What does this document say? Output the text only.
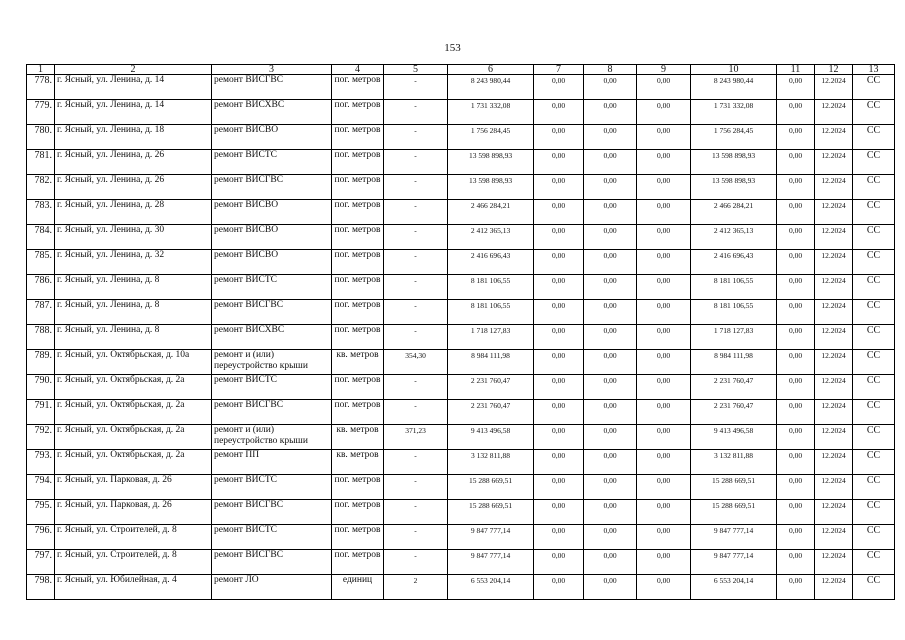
153
1	2	3	4	5	6	7	8	9	10	11	12	13
778.	г. Ясный, ул. Ленина, д. 14	ремонт ВИСГВС	пог. метров	-	8 243 980,44	0,00	0,00	0,00	8 243 980,44	0,00	12.2024	СС
779.	г. Ясный, ул. Ленина, д. 14	ремонт ВИСХВС	пог. метров	-	1 731 332,08	0,00	0,00	0,00	1 731 332,08	0,00	12.2024	СС
780.	г. Ясный, ул. Ленина, д. 18	ремонт ВИСВО	пог. метров	-	1 756 284,45	0,00	0,00	0,00	1 756 284,45	0,00	12.2024	СС
781.	г. Ясный, ул. Ленина, д. 26	ремонт ВИСТС	пог. метров	-	13 598 898,93	0,00	0,00	0,00	13 598 898,93	0,00	12.2024	СС
782.	г. Ясный, ул. Ленина, д. 26	ремонт ВИСГВС	пог. метров	-	13 598 898,93	0,00	0,00	0,00	13 598 898,93	0,00	12.2024	СС
783.	г. Ясный, ул. Ленина, д. 28	ремонт ВИСВО	пог. метров	-	2 466 284,21	0,00	0,00	0,00	2 466 284,21	0,00	12.2024	СС
784.	г. Ясный, ул. Ленина, д. 30	ремонт ВИСВО	пог. метров	-	2 412 365,13	0,00	0,00	0,00	2 412 365,13	0,00	12.2024	СС
785.	г. Ясный, ул. Ленина, д. 32	ремонт ВИСВО	пог. метров	-	2 416 696,43	0,00	0,00	0,00	2 416 696,43	0,00	12.2024	СС
786.	г. Ясный, ул. Ленина, д. 8	ремонт ВИСТС	пог. метров	-	8 181 106,55	0,00	0,00	0,00	8 181 106,55	0,00	12.2024	СС
787.	г. Ясный, ул. Ленина, д. 8	ремонт ВИСГВС	пог. метров	-	8 181 106,55	0,00	0,00	0,00	8 181 106,55	0,00	12.2024	СС
788.	г. Ясный, ул. Ленина, д. 8	ремонт ВИСХВС	пог. метров	-	1 718 127,83	0,00	0,00	0,00	1 718 127,83	0,00	12.2024	СС
789.	г. Ясный, ул. Октябрьская, д. 10а	ремонт и (или) переустройство крыши	кв. метров	354,30	8 984 111,98	0,00	0,00	0,00	8 984 111,98	0,00	12.2024	СС
790.	г. Ясный, ул. Октябрьская, д. 2а	ремонт ВИСТС	пог. метров	-	2 231 760,47	0,00	0,00	0,00	2 231 760,47	0,00	12.2024	СС
791.	г. Ясный, ул. Октябрьская, д. 2а	ремонт ВИСГВС	пог. метров	-	2 231 760,47	0,00	0,00	0,00	2 231 760,47	0,00	12.2024	СС
792.	г. Ясный, ул. Октябрьская, д. 2а	ремонт и (или) переустройство крыши	кв. метров	371,23	9 413 496,58	0,00	0,00	0,00	9 413 496,58	0,00	12.2024	СС
793.	г. Ясный, ул. Октябрьская, д. 2а	ремонт ПП	кв. метров	-	3 132 811,88	0,00	0,00	0,00	3 132 811,88	0,00	12.2024	СС
794.	г. Ясный, ул. Парковая, д. 26	ремонт ВИСТС	пог. метров	-	15 288 669,51	0,00	0,00	0,00	15 288 669,51	0,00	12.2024	СС
795.	г. Ясный, ул. Парковая, д. 26	ремонт ВИСГВС	пог. метров	-	15 288 669,51	0,00	0,00	0,00	15 288 669,51	0,00	12.2024	СС
796.	г. Ясный, ул. Строителей, д. 8	ремонт ВИСТС	пог. метров	-	9 847 777,14	0,00	0,00	0,00	9 847 777,14	0,00	12.2024	СС
797.	г. Ясный, ул. Строителей, д. 8	ремонт ВИСГВС	пог. метров	-	9 847 777,14	0,00	0,00	0,00	9 847 777,14	0,00	12.2024	СС
798.	г. Ясный, ул. Юбилейная, д. 4	ремонт ЛО	единиц	2	6 553 204,14	0,00	0,00	0,00	6 553 204,14	0,00	12.2024	СС
